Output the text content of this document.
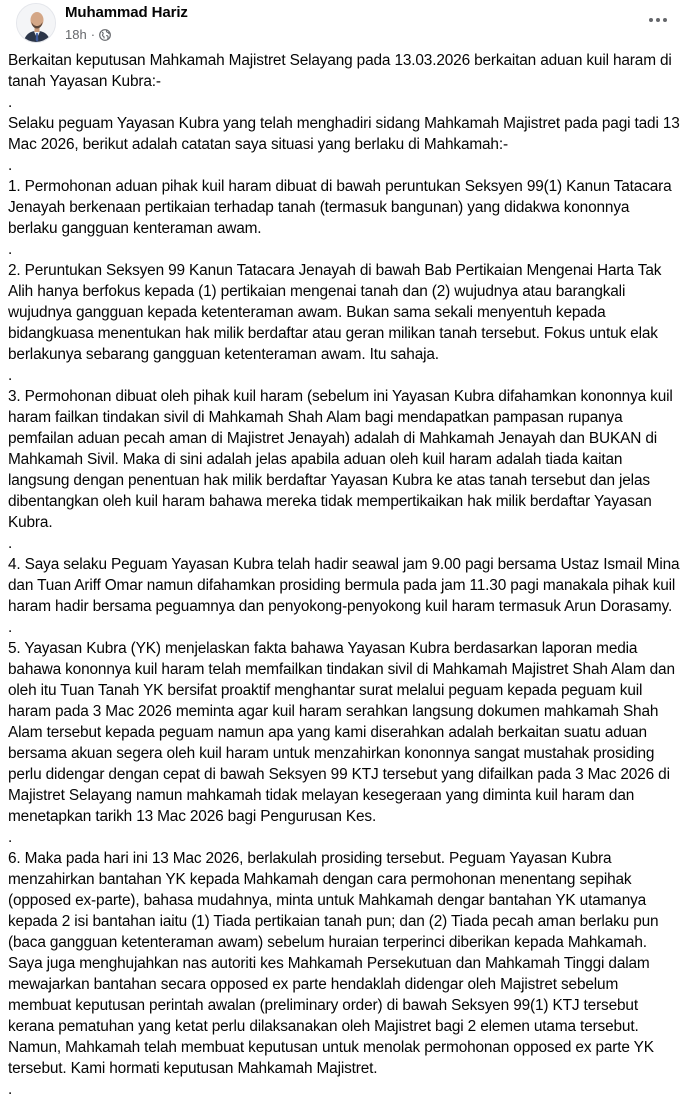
Muhammad Hariz
18h ·

Berkaitan keputusan Mahkamah Majistret Selayang pada 13.03.2026 berkaitan aduan kuil haram di tanah Yayasan Kubra:-

.

Selaku peguam Yayasan Kubra yang telah menghadiri sidang Mahkamah Majistret pada pagi tadi 13 Mac 2026, berikut adalah catatan saya situasi yang berlaku di Mahkamah:-

.

1. Permohonan aduan pihak kuil haram dibuat di bawah peruntukan Seksyen 99(1) Kanun Tatacara Jenayah berkenaan pertikaian terhadap tanah (termasuk bangunan) yang didakwa kononnya berlaku gangguan kenteraman awam.

.

2. Peruntukan Seksyen 99 Kanun Tatacara Jenayah di bawah Bab Pertikaian Mengenai Harta Tak Alih hanya berfokus kepada (1) pertikaian mengenai tanah dan (2) wujudnya atau barangkali wujudnya gangguan kepada ketenteraman awam. Bukan sama sekali menyentuh kepada bidangkuasa menentukan hak milik berdaftar atau geran milikan tanah tersebut. Fokus untuk elak berlakunya sebarang gangguan ketenteraman awam. Itu sahaja.

.

3. Permohonan dibuat oleh pihak kuil haram (sebelum ini Yayasan Kubra difahamkan kononnya kuil haram failkan tindakan sivil di Mahkamah Shah Alam bagi mendapatkan pampasan rupanya pemfailan aduan pecah aman di Majistret Jenayah) adalah di Mahkamah Jenayah dan BUKAN di Mahkamah Sivil. Maka di sini adalah jelas apabila aduan oleh kuil haram adalah tiada kaitan langsung dengan penentuan hak milik berdaftar Yayasan Kubra ke atas tanah tersebut dan jelas dibentangkan oleh kuil haram bahawa mereka tidak mempertikaikan hak milik berdaftar Yayasan Kubra.

.

4. Saya selaku Peguam Yayasan Kubra telah hadir seawal jam 9.00 pagi bersama Ustaz Ismail Mina dan Tuan Ariff Omar namun difahamkan prosiding bermula pada jam 11.30 pagi manakala pihak kuil haram hadir bersama peguamnya dan penyokong-penyokong kuil haram termasuk Arun Dorasamy.

.

5. Yayasan Kubra (YK) menjelaskan fakta bahawa Yayasan Kubra berdasarkan laporan media bahawa kononnya kuil haram telah memfailkan tindakan sivil di Mahkamah Majistret Shah Alam dan oleh itu Tuan Tanah YK bersifat proaktif menghantar surat melalui peguam kepada peguam kuil haram pada 3 Mac 2026 meminta agar kuil haram serahkan langsung dokumen mahkamah Shah Alam tersebut kepada peguam namun apa yang kami diserahkan adalah berkaitan suatu aduan bersama akuan segera oleh kuil haram untuk menzahirkan kononnya sangat mustahak prosiding perlu didengar dengan cepat di bawah Seksyen 99 KTJ tersebut yang difailkan pada 3 Mac 2026 di Majistret Selayang namun mahkamah tidak melayan kesegeraan yang diminta kuil haram dan menetapkan tarikh 13 Mac 2026 bagi Pengurusan Kes.

.

6. Maka pada hari ini 13 Mac 2026, berlakulah prosiding tersebut. Peguam Yayasan Kubra menzahirkan bantahan YK kepada Mahkamah dengan cara permohonan menentang sepihak (opposed ex-parte), bahasa mudahnya, minta untuk Mahkamah dengar bantahan YK utamanya kepada 2 isi bantahan iaitu (1) Tiada pertikaian tanah pun; dan (2) Tiada pecah aman berlaku pun (baca gangguan ketenteraman awam) sebelum huraian terperinci diberikan kepada Mahkamah. Saya juga menghujahkan nas autoriti kes Mahkamah Persekutuan dan Mahkamah Tinggi dalam mewajarkan bantahan secara opposed ex parte hendaklah didengar oleh Majistret sebelum membuat keputusan perintah awalan (preliminary order) di bawah Seksyen 99(1) KTJ tersebut kerana pematuhan yang ketat perlu dilaksanakan oleh Majistret bagi 2 elemen utama tersebut. Namun, Mahkamah telah membuat keputusan untuk menolak permohonan opposed ex parte YK tersebut. Kami hormati keputusan Mahkamah Majistret.

.
